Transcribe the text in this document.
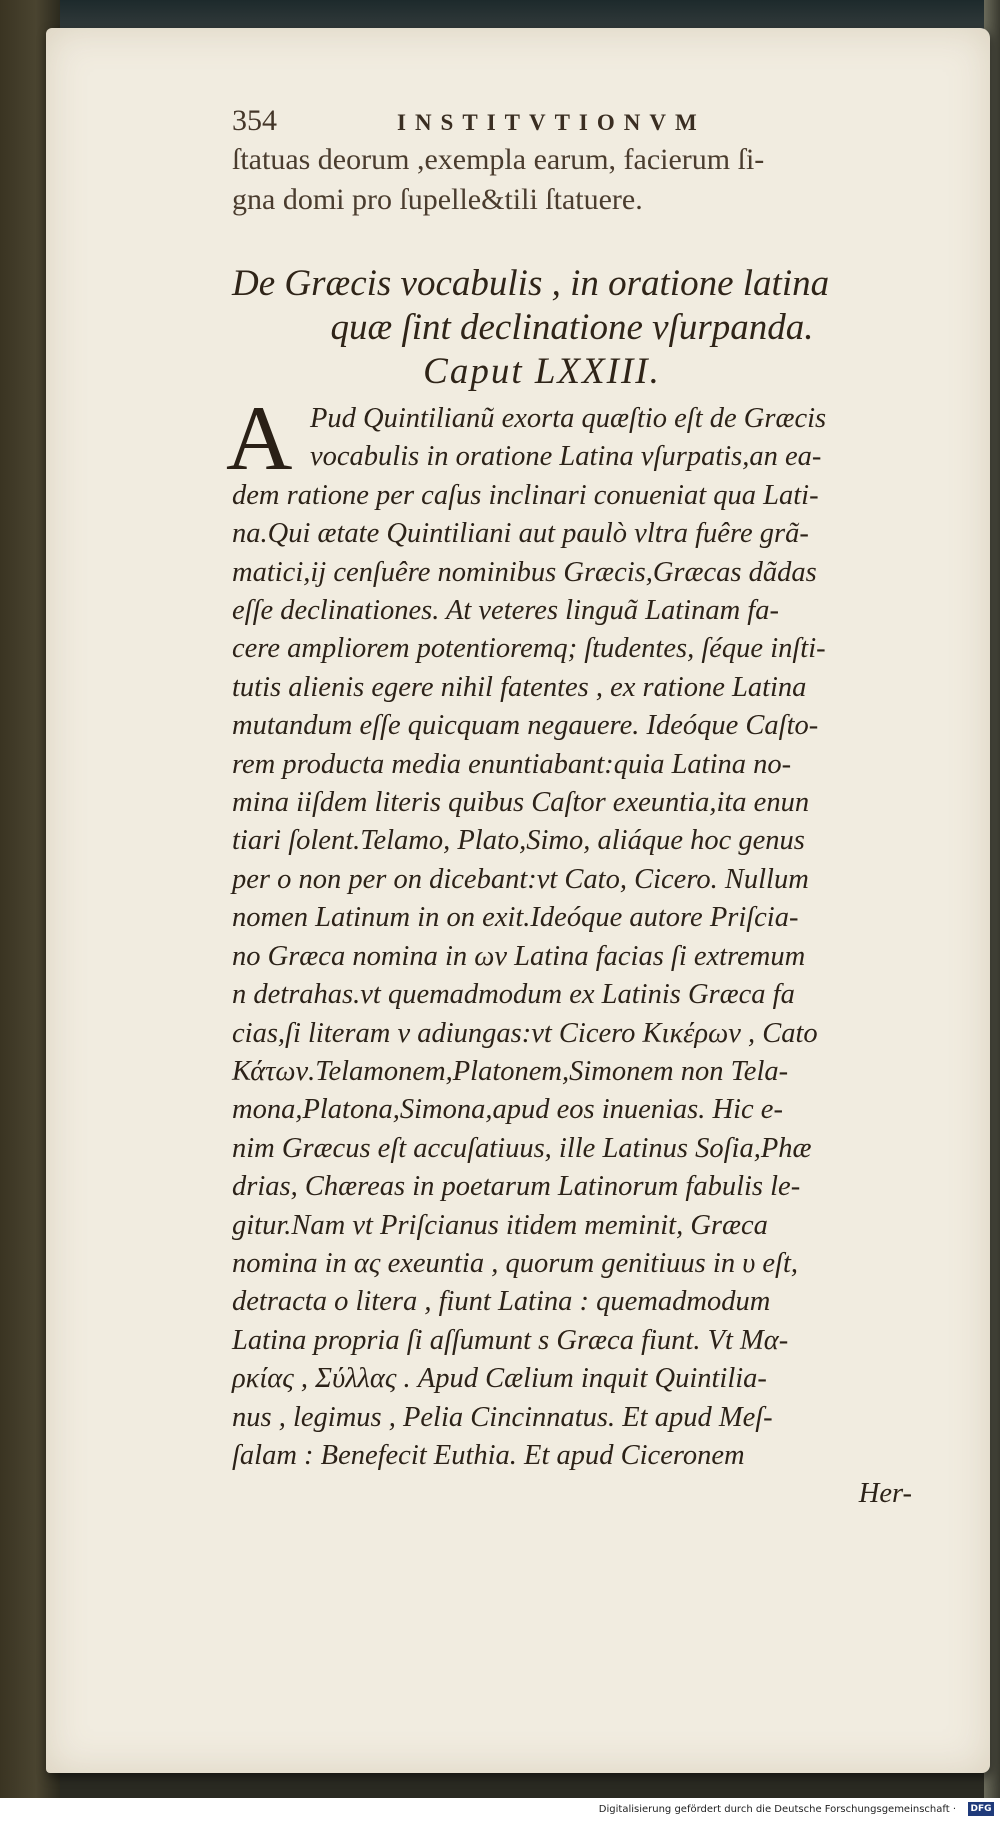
354	INSTITVTIONVM
ſtatuas deorum ,exempla earum, facierum ſi-
gna domi pro ſupelle&tili ſtatuere.
De Græcis vocabulis , in oratione latina
quæ ſint declinatione vſurpanda.
Caput LXXIII.
A Pud Quintilianũ exorta quæſtio eſt de Græcis
vocabulis in oratione Latina vſurpatis,an ea-
dem ratione per caſus inclinari conueniat qua Lati-
na.Qui ætate Quintiliani aut paulò vltra fuêre grã-
matici,ij cenſuêre nominibus Græcis,Græcas dãdas
eſſe declinationes. At veteres linguã Latinam fa-
cere ampliorem potentioremq; ſtudentes, ſéque inſti-
tutis alienis egere nihil fatentes , ex ratione Latina
mutandum eſſe quicquam negauere. Ideóque Caſto-
rem producta media enuntiabant:quia Latina no-
mina iiſdem literis quibus Caſtor exeuntia,ita enun
tiari ſolent.Telamo, Plato,Simo, aliáque hoc genus
per o non per on dicebant:vt Cato, Cicero. Nullum
nomen Latinum in on exit.Ideóque autore Priſcia-
no Græca nomina in ων Latina facias ſi extremum
n detrahas.vt quemadmodum ex Latinis Græca fa
cias,ſi literam ν adiungas:vt Cicero Κικέρων , Cato
Κάτων.Telamonem,Platonem,Simonem non Tela-
mona,Platona,Simona,apud eos inuenias. Hic e-
nim Græcus eſt accuſatiuus, ille Latinus Soſia,Phæ
drias, Chæreas in poetarum Latinorum fabulis le-
gitur.Nam vt Priſcianus itidem meminit, Græca
nomina in ας exeuntia , quorum genitiuus in υ eſt,
detracta o litera , fiunt Latina : quemadmodum
Latina propria ſi aſſumunt s Græca fiunt. Vt Μα-
ρκίας , Σύλλας . Apud Cælium inquit Quintilia-
nus , legimus , Pelia Cincinnatus. Et apud Meſ-
ſalam : Benefecit Euthia. Et apud Ciceronem
Her-
Digitalisierung gefördert durch die Deutsche Forschungsgemeinschaft ·	DFG
